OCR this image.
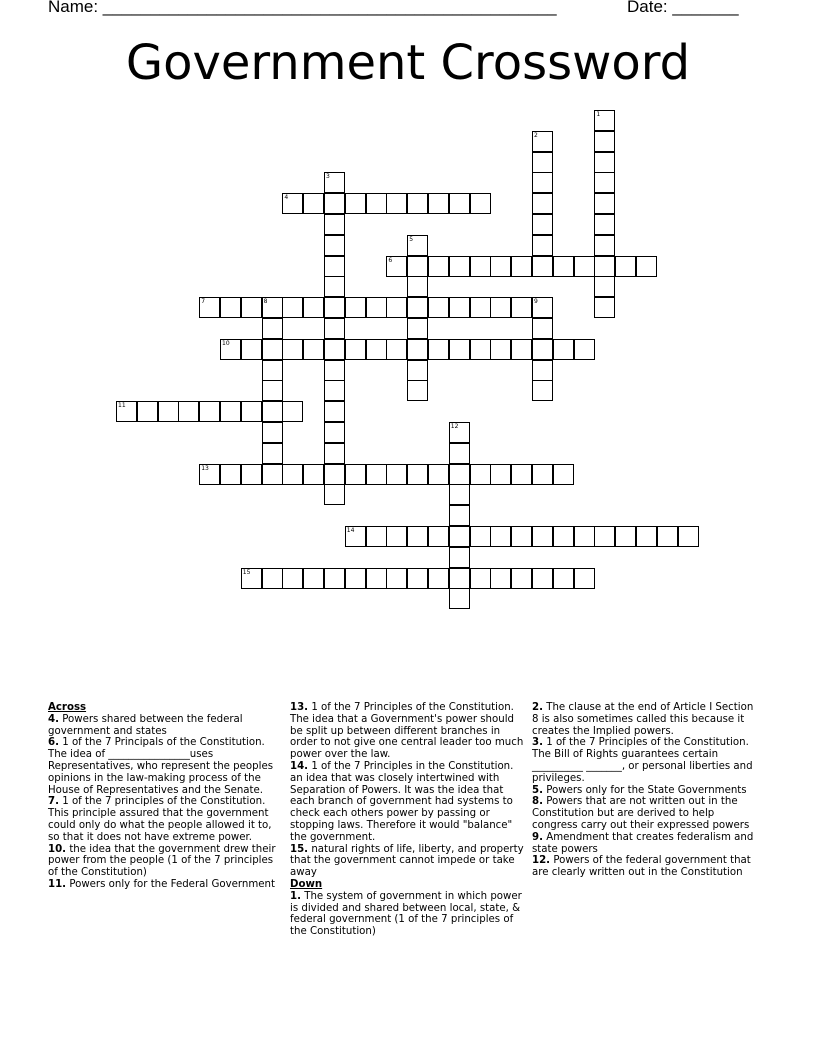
Name: ________________________________________________	Date: _______
Government Crossword
1
2
3
4
5
6
7	8	9
10
11
12
13
14
15
Across

4. Powers shared between the federal government and states

6. 1 of the 7 Principals of the Constitution. The idea of ________________uses Representatives, who represent the peoples opinions in the law-making process of the House of Representatives and the Senate.

7. 1 of the 7 principles of the Constitution. This principle assured that the government could only do what the people allowed it to, so that it does not have extreme power.

10. the idea that the government drew their power from the people (1 of the 7 principles of the Constitution)

11. Powers only for the Federal Government

13. 1 of the 7 Principles of the Constitution. The idea that a Government's power should be split up between different branches in order to not give one central leader too much power over the law.

14. 1 of the 7 Principles in the Constitution. an idea that was closely intertwined with Separation of Powers. It was the idea that each branch of government had systems to check each others power by passing or stopping laws. Therefore it would "balance" the government.

15. natural rights of life, liberty, and property that the government cannot impede or take away

Down

1. The system of government in which power is divided and shared between local, state, & federal government (1 of the 7 principles of the Constitution)

2. The clause at the end of Article I Section 8 is also sometimes called this because it creates the Implied powers.

3. 1 of the 7 Principles of the Constitution. The Bill of Rights guarantees certain __________ _______, or personal liberties and privileges.

5. Powers only for the State Governments

8. Powers that are not written out in the Constitution but are derived to help congress carry out their expressed powers

9. Amendment that creates federalism and state powers

12. Powers of the federal government that are clearly written out in the Constitution
